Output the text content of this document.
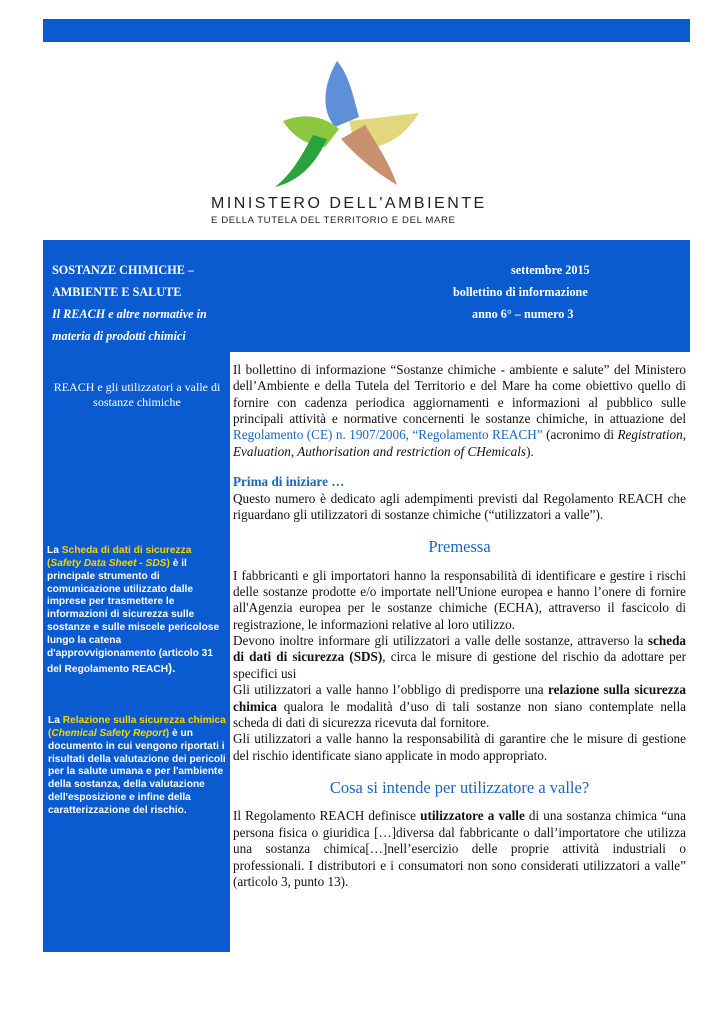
MINISTERO DELL'AMBIENTE
E DELLA TUTELA DEL TERRITORIO E DEL MARE
SOSTANZE CHIMICHE –
AMBIENTE E SALUTE
Il REACH e altre normative in
materia di prodotti chimici
settembre 2015
bollettino di informazione
anno 6° – numero 3
REACH e gli utilizzatori a valle di sostanze chimiche
La Scheda di dati di sicurezza
(Safety Data Sheet - SDS) è il principale strumento di comunicazione utilizzato dalle imprese per trasmettere le informazioni di sicurezza sulle sostanze e sulle miscele pericolose lungo la catena d'approvvigionamento (articolo 31 del Regolamento REACH).
La Relazione sulla sicurezza chimica (Chemical Safety Report) è un documento in cui vengono riportati i risultati della valutazione dei pericoli per la salute umana e per l'ambiente della sostanza, della valutazione dell'esposizione e infine della caratterizzazione del rischio.

Il bollettino di informazione “Sostanze chimiche - ambiente e salute” del Ministero dell’Ambiente e della Tutela del Territorio e del Mare ha come obiettivo quello di fornire con cadenza periodica aggiornamenti e informazioni al pubblico sulle principali attività e normative concernenti le sostanze chimiche, in attuazione del Regolamento (CE) n. 1907/2006, “Regolamento REACH” (acronimo di Registration, Evaluation, Authorisation and restriction of CHemicals).

Prima di iniziare …

Questo numero è dedicato agli adempimenti previsti dal Regolamento REACH che riguardano gli utilizzatori di sostanze chimiche (“utilizzatori a valle”).

Premessa

I fabbricanti e gli importatori hanno la responsabilità di identificare e gestire i rischi delle sostanze prodotte e/o importate nell'Unione europea e hanno l’onere di fornire all'Agenzia europea per le sostanze chimiche (ECHA), attraverso il fascicolo di registrazione, le informazioni relative al loro utilizzo.

Devono inoltre informare gli utilizzatori a valle delle sostanze, attraverso la scheda di dati di sicurezza (SDS), circa le misure di gestione del rischio da adottare per specifici usi

Gli utilizzatori a valle hanno l’obbligo di predisporre una relazione sulla sicurezza chimica qualora le modalità d’uso di tali sostanze non siano contemplate nella scheda di dati di sicurezza ricevuta dal fornitore.

Gli utilizzatori a valle hanno la responsabilità di garantire che le misure di gestione del rischio identificate siano applicate in modo appropriato.

Cosa si intende per utilizzatore a valle?

Il Regolamento REACH definisce utilizzatore a valle di una sostanza chimica “una persona fisica o giuridica […]diversa dal fabbricante o dall’importatore che utilizza una sostanza chimica[…]nell’esercizio delle proprie attività industriali o professionali. I distributori e i consumatori non sono considerati utilizzatori a valle” (articolo 3, punto 13).
